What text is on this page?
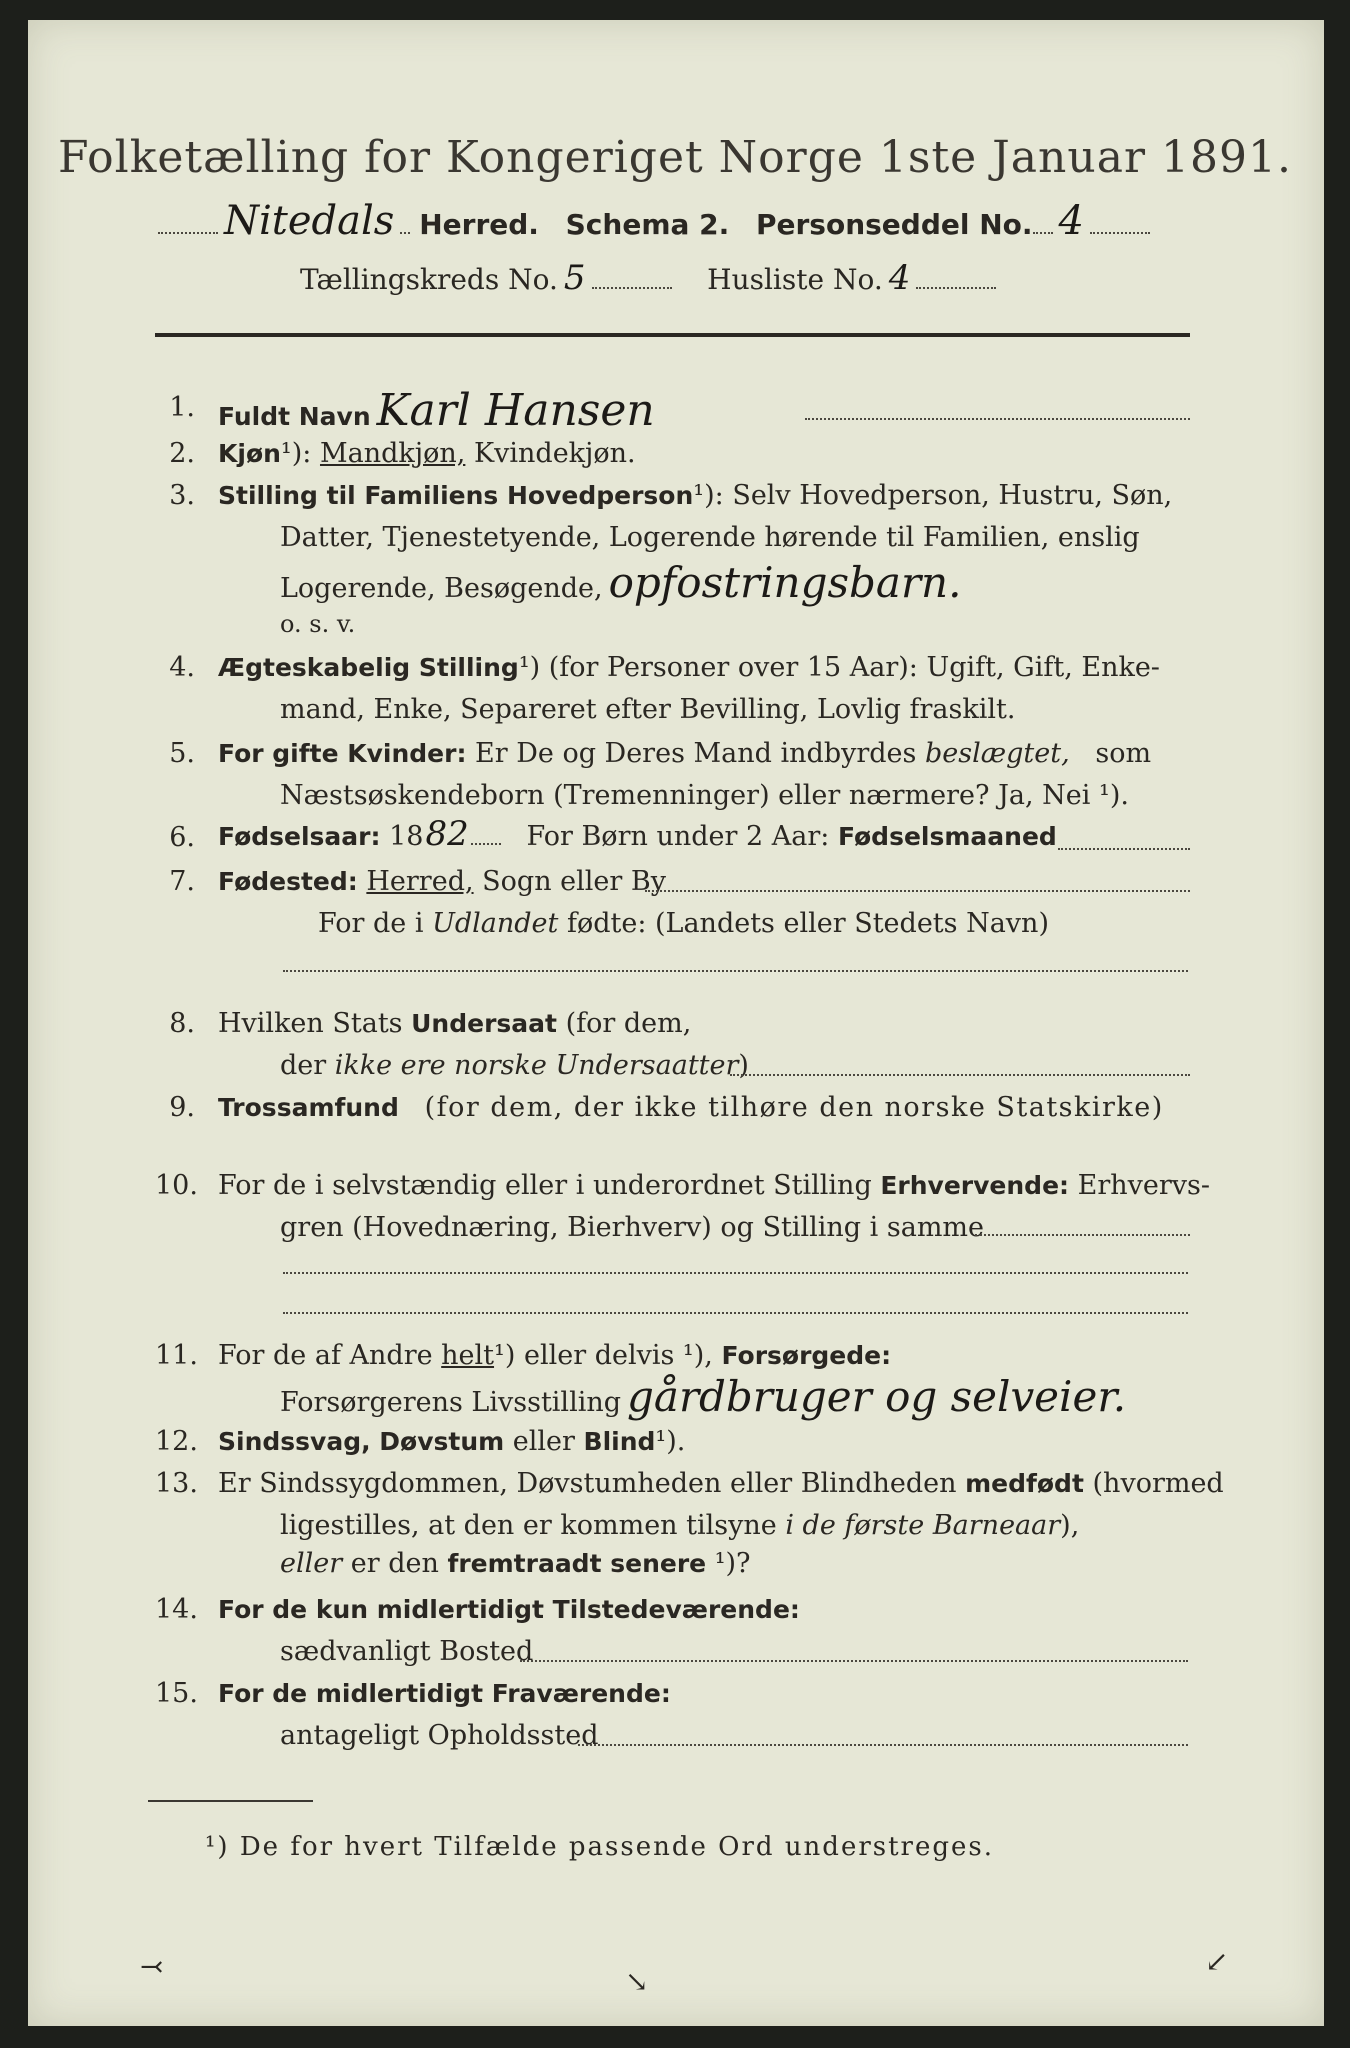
Folketælling for Kongeriget Norge 1ste Januar 1891.
Nitedals Herred. Schema 2. Personseddel No. 4
Tællingskreds No. 5	Husliste No. 4
1. Fuldt Navn Karl Hansen
2. Kjøn¹): Mandkjøn, Kvindekjøn.
3. Stilling til Familiens Hovedperson¹): Selv Hovedperson, Hustru, Søn,
Datter, Tjenestetyende, Logerende hørende til Familien, enslig
Logerende, Besøgende, opfostringsbarn.
o. s. v.
4. Ægteskabelig Stilling¹) (for Personer over 15 Aar): Ugift, Gift, Enke-
mand, Enke, Separeret efter Bevilling, Lovlig fraskilt.
5. For gifte Kvinder: Er De og Deres Mand indbyrdes beslægtet, som
Næstsøskendeborn (Tremenninger) eller nærmere? Ja, Nei ¹).
6. Fødselsaar: 1882 For Børn under 2 Aar: Fødselsmaaned
7. Fødested: Herred, Sogn eller By
For de i Udlandet fødte: (Landets eller Stedets Navn)
8. Hvilken Stats Undersaat (for dem,
der ikke ere norske Undersaatter)
9. Trossamfund (for dem, der ikke tilhøre den norske Statskirke)
10. For de i selvstændig eller i underordnet Stilling Erhvervende: Erhvervs-
gren (Hovednæring, Bierhverv) og Stilling i samme
11. For de af Andre helt¹) eller delvis ¹), Forsørgede:
Forsørgerens Livsstilling gårdbruger og selveier.
12. Sindssvag, Døvstum eller Blind¹).
13. Er Sindssygdommen, Døvstumheden eller Blindheden medfødt (hvormed
ligestilles, at den er kommen tilsyne i de første Barneaar),
eller er den fremtraadt senere ¹)?
14. For de kun midlertidigt Tilstedeværende:
sædvanligt Bosted
15. For de midlertidigt Fraværende:
antageligt Opholdssted
¹) De for hvert Tilfælde passende Ord understreges.
⤙	↘
↙
